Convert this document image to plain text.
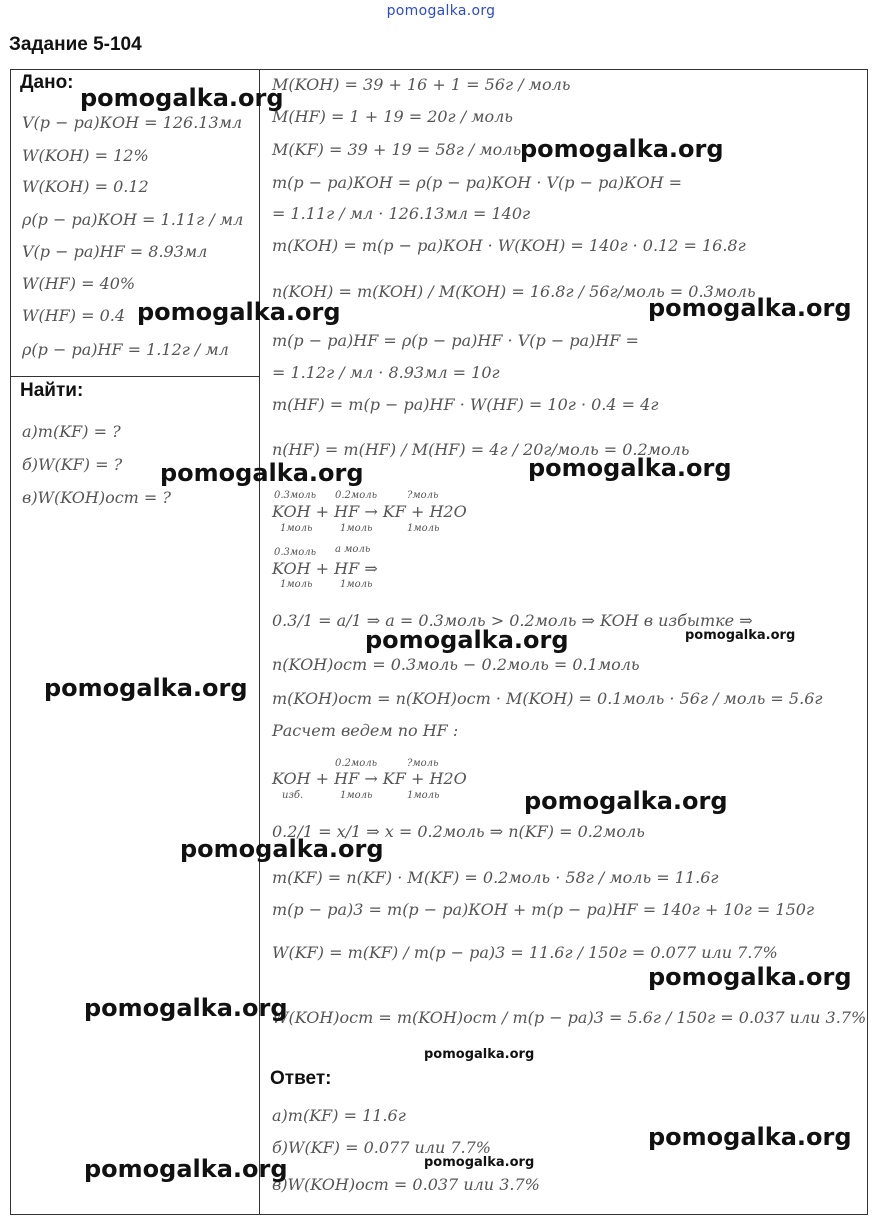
pomogalka.org
Задание 5-104
Дано:
V(р − ра)КОН = 126.13мл
W(KOH) = 12%
W(KOH) = 0.12
ρ(р − ра)КОН = 1.11г / мл
V(р − ра)HF = 8.93мл
W(HF) = 40%
W(HF) = 0.4
ρ(р − ра)HF = 1.12г / мл
Найти:
а)m(KF) = ?
б)W(KF) = ?
в)W(KOH)ост = ?
M(KOH) = 39 + 16 + 1 = 56г / моль
M(HF) = 1 + 19 = 20г / моль
M(KF) = 39 + 19 = 58г / моль
m(р − ра)КОН = ρ(р − ра)КОН · V(р − ра)КОН =
= 1.11г / мл · 126.13мл = 140г
m(KOH) = m(р − ра)КОН · W(KOH) = 140г · 0.12 = 16.8г
n(KOH) = m(KOH) / M(KOH) = 16.8г / 56г/моль = 0.3моль
m(р − ра)HF = ρ(р − ра)HF · V(р − ра)HF =
= 1.12г / мл · 8.93мл = 10г
m(HF) = m(р − ра)HF · W(HF) = 10г · 0.4 = 4г
n(HF) = m(HF) / M(HF) = 4г / 20г/моль = 0.2моль
0.3моль 0.2моль	?моль
KOH + HF → KF + H2O
1моль	1моль	1моль
0.3моль a моль
KOH + HF ⇒
1моль	1моль
0.3/1 = a/1 ⇒ a = 0.3моль > 0.2моль ⇒ KOH в избытке ⇒
n(KOH)ост = 0.3моль − 0.2моль = 0.1моль
m(KOH)ост = n(KOH)ост · M(KOH) = 0.1моль · 56г / моль = 5.6г
Расчет ведем по HF :
0.2моль	?моль
KOH + HF → KF + H2O
изб.	1моль	1моль
0.2/1 = x/1 ⇒ x = 0.2моль ⇒ n(KF) = 0.2моль
m(KF) = n(KF) · M(KF) = 0.2моль · 58г / моль = 11.6г
m(р − ра)3 = m(р − ра)КОН + m(р − ра)HF = 140г + 10г = 150г
W(KF) = m(KF) / m(р − ра)3 = 11.6г / 150г = 0.077 или 7.7%
W(KOH)ост = m(KOH)ост / m(р − ра)3 = 5.6г / 150г = 0.037 или 3.7%
Ответ:
а)m(KF) = 11.6г
б)W(KF) = 0.077 или 7.7%
в)W(KOH)ост = 0.037 или 3.7%
pomogalka.org
pomogalka.org
pomogalka.org	pomogalka.org
pomogalka.org	pomogalka.org
pomogalka.org	pomogalka.org
pomogalka.org
pomogalka.org
pomogalka.org
pomogalka.org
pomogalka.org
pomogalka.org
pomogalka.org
pomogalka.org
pomogalka.org
